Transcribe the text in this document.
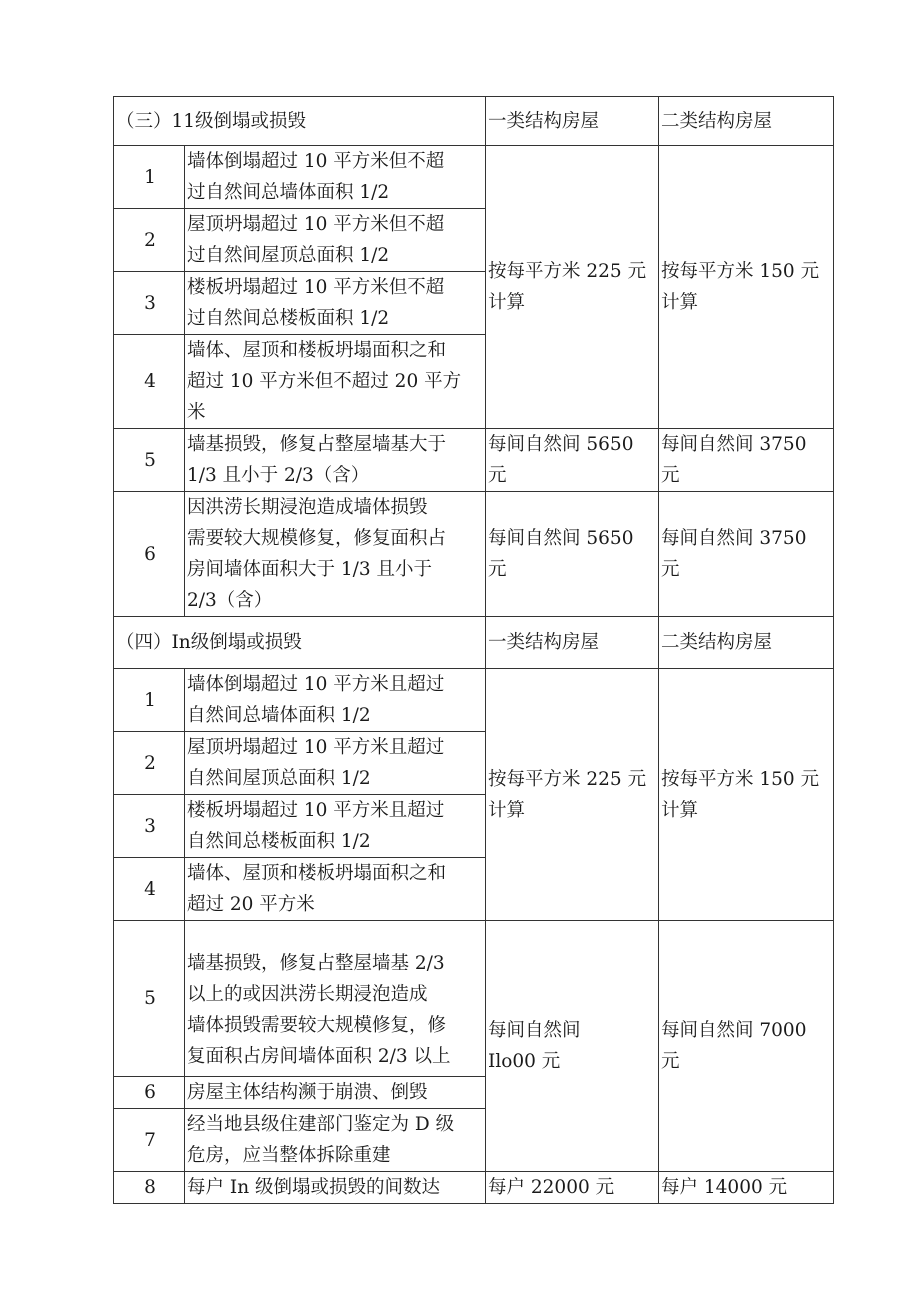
（三）11级倒塌或损毁		一类结构房屋	二类结构房屋
1	墙体倒塌超过 10 平方米但不超
过自然间总墙体面积 1/2	按每平方米 225 元
计算	按每平方米 150 元
计算

2	屋顶坍塌超过 10 平方米但不超
过自然间屋顶总面积 1/2		

3	楼板坍塌超过 10 平方米但不超
过自然间总楼板面积 1/2		

4	墙体、屋顶和楼板坍塌面积之和
超过 10 平方米但不超过 20 平方
米		

5	墙基损毁，修复占整屋墙基大于
1/3 且小于 2/3（含）	每间自然间 5650
元	每间自然间 3750
元

6	因洪涝长期浸泡造成墙体损毁
需要较大规模修复，修复面积占
房间墙体面积大于 1/3 且小于
2/3（含）	每间自然间 5650
元	每间自然间 3750
元

（四）In级倒塌或损毁		一类结构房屋	二类结构房屋
1	墙体倒塌超过 10 平方米且超过
自然间总墙体面积 1/2	按每平方米 225 元
计算	按每平方米 150 元
计算

2	屋顶坍塌超过 10 平方米且超过
自然间屋顶总面积 1/2		

3	楼板坍塌超过 10 平方米且超过
自然间总楼板面积 1/2		

4	墙体、屋顶和楼板坍塌面积之和
超过 20 平方米		

5	墙基损毁，修复占整屋墙基 2/3
以上的或因洪涝长期浸泡造成
墙体损毁需要较大规模修复，修
复面积占房间墙体面积 2/3 以上	每间自然间
Ilo00 元	每间自然间 7000
元

6	房屋主体结构濒于崩溃、倒毁		

7	经当地县级住建部门鉴定为 D 级
危房，应当整体拆除重建		

8	每户 In 级倒塌或损毁的间数达	每户 22000 元	每户 14000 元
